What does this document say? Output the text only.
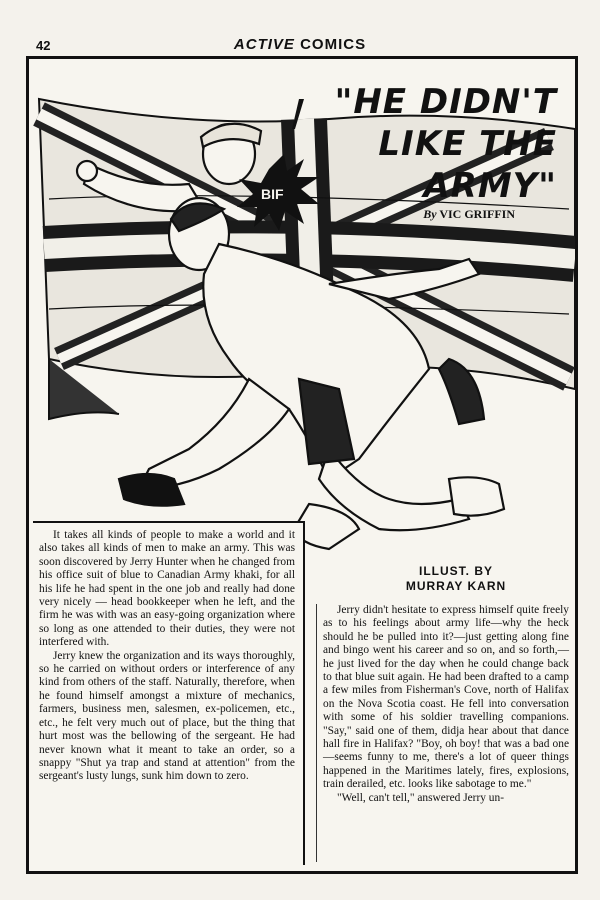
42	ACTIVE COMICS
BIF
"HE DIDN'T
LIKE THE
ARMY"
By VIC GRIFFIN
ILLUST. BY
MURRAY KARN

It takes all kinds of people to make a world and it also takes all kinds of men to make an army. This was soon discovered by Jerry Hunter when he changed from his office suit of blue to Canadian Army khaki, for all his life he had spent in the one job and really had done very nicely — head bookkeeper when he left, and the firm he was with was an easy-going organization where so long as one attended to their duties, they were not interfered with.

Jerry knew the organization and its ways thoroughly, so he carried on without orders or interference of any kind from others of the staff. Naturally, therefore, when he found himself amongst a mixture of mechanics, farmers, business men, salesmen, ex-policemen, etc., etc., he felt very much out of place, but the thing that hurt most was the bellowing of the sergeant. He had never known what it meant to take an order, so a snappy "Shut ya trap and stand at attention" from the sergeant's lusty lungs, sunk him down to zero.

Jerry didn't hesitate to express himself quite freely as to his feelings about army life—why the heck should he be pulled into it?—just getting along fine and bingo went his career and so on, and so forth,—he just lived for the day when he could change back to that blue suit again. He had been drafted to a camp a few miles from Fisherman's Cove, north of Halifax on the Nova Scotia coast. He fell into conversation with some of his soldier travelling companions. "Say," said one of them, didja hear about that dance hall fire in Halifax? "Boy, oh boy! that was a bad one—seems funny to me, there's a lot of queer things happened in the Maritimes lately, fires, explosions, train derailed, etc. looks like sabotage to me."

"Well, can't tell," answered Jerry un-
